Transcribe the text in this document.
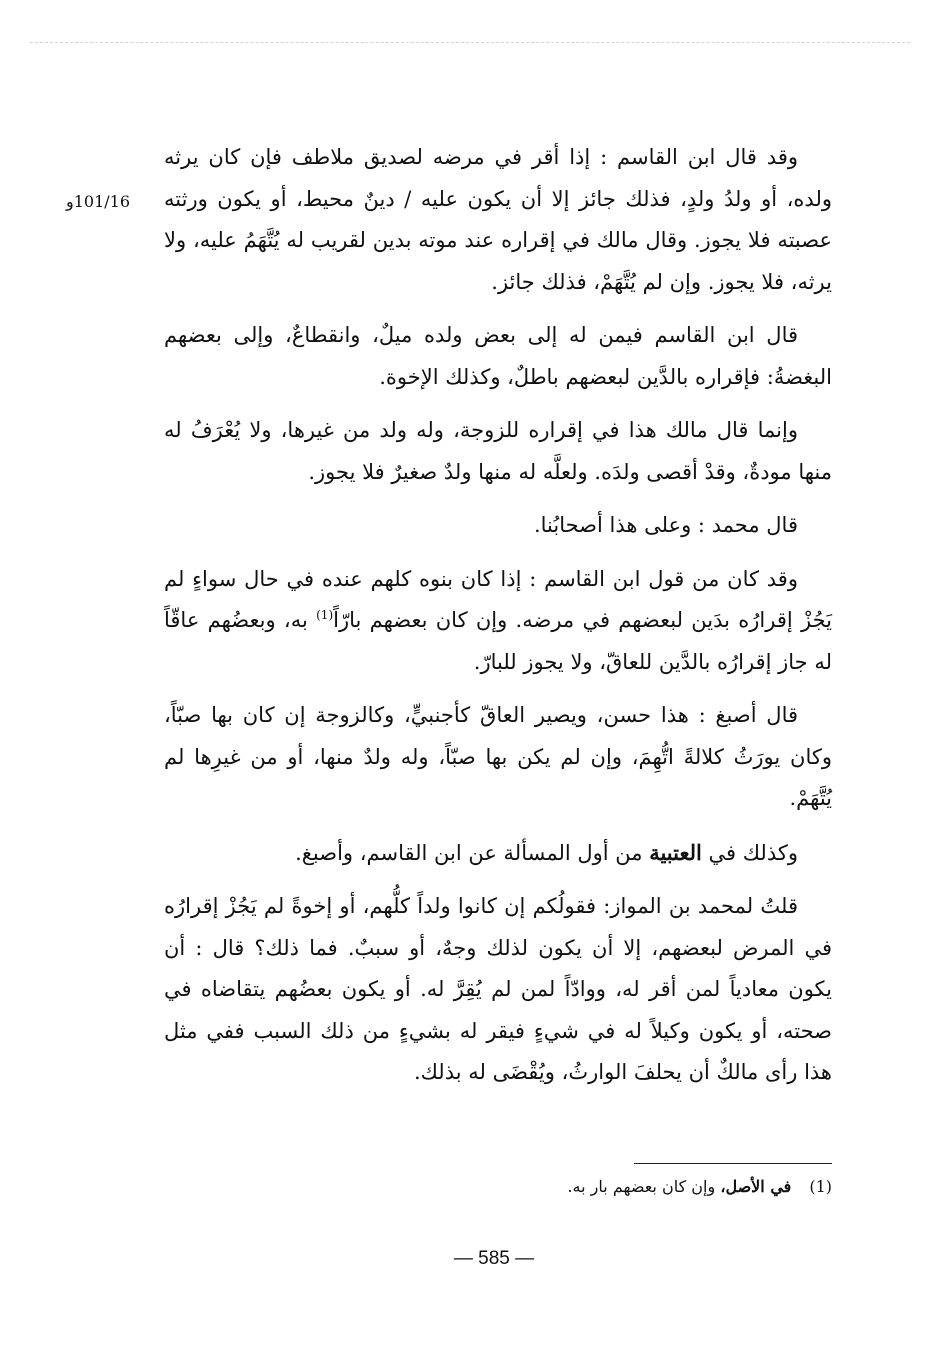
101/16و

وقد قال ابن القاسم : إذا أقر في مرضه لصديق ملاطف فإن كان يرثه ولده، أو ولدُ ولدٍ، فذلك جائز إلا أن يكون عليه / دينٌ محيط، أو يكون ورثته عصبته فلا يجوز. وقال مالك في إقراره عند موته بدين لقريب له يُتَّهَمُ عليه، ولا يرثه، فلا يجوز. وإن لم يُتَّهَمْ، فذلك جائز.

قال ابن القاسم فيمن له إلى بعض ولده ميلٌ، وانقطاعٌ، وإلى بعضهم البغضةُ: فإقراره بالدَّين لبعضهم باطلٌ، وكذلك الإخوة.

وإنما قال مالك هذا في إقراره للزوجة، وله ولد من غيرها، ولا يُعْرَفُ له منها مودةٌ، وقدْ أقصى ولدَه. ولعلَّه له منها ولدٌ صغيرٌ فلا يجوز.

قال محمد : وعلى هذا أصحابُنا.

وقد كان من قول ابن القاسم : إذا كان بنوه كلهم عنده في حال سواءٍ لم يَجُزْ إقرارُه بدَين لبعضهم في مرضه. وإن كان بعضهم بارّاً$^{(1)}$ به، وبعضُهم عاقّاً له جاز إقرارُه بالدَّين للعاقّ، ولا يجوز للبارّ.

قال أصبغ : هذا حسن، ويصير العاقّ كأجنبيٍّ، وكالزوجة إن كان بها صبّاً، وكان يورَثُ كلالةً اتُّهِمَ، وإن لم يكن بها صبّاً، وله ولدٌ منها، أو من غيرِها لم يُتَّهَمْ.

وكذلك في العتبية من أول المسألة عن ابن القاسم، وأصبغ.

قلتُ لمحمد بن المواز: فقولُكم إن كانوا ولداً كلُّهم، أو إخوةً لم يَجُزْ إقرارُه في المرض لبعضهم، إلا أن يكون لذلك وجهٌ، أو سببٌ. فما ذلك؟ قال : أن يكون معادياً لمن أقر له، ووادّاً لمن لم يُقِرَّ له. أو يكون بعضُهم يتقاضاه في صحته، أو يكون وكيلاً له في شيءٍ فيقر له بشيءٍ من ذلك السبب ففي مثل هذا رأى مالكٌ أن يحلفَ الوارثُ، ويُقْضَى له بذلك.

(1)في الأصل، وإن كان بعضهم بار به.
— 585 —
